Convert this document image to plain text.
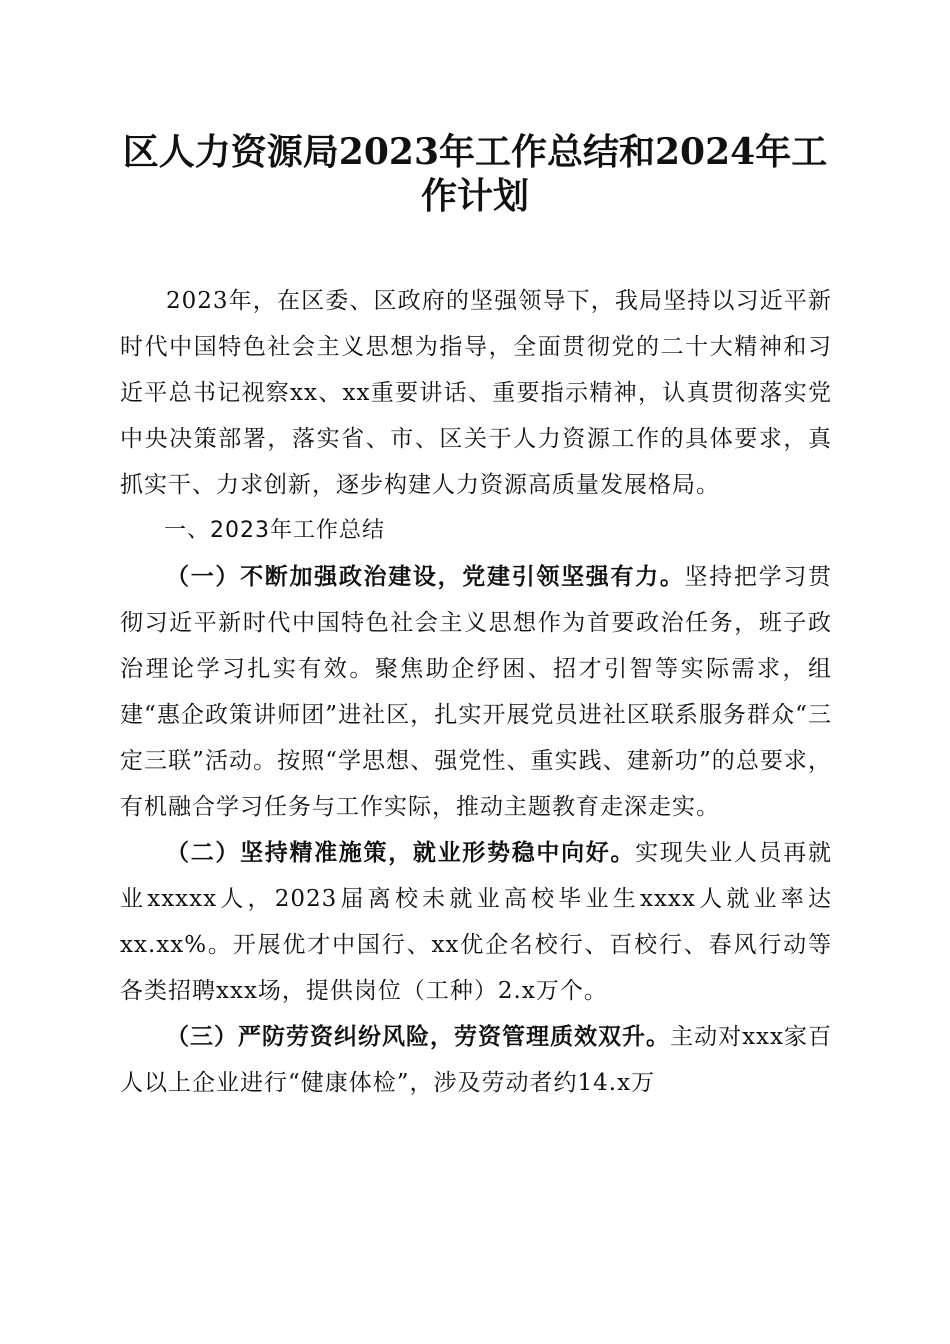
区人力资源局2023年工作总结和2024年工作计划

2023年，在区委、区政府的坚强领导下，我局坚持以习近平新时代中国特色社会主义思想为指导，全面贯彻党的二十大精神和习近平总书记视察xx、xx重要讲话、重要指示精神，认真贯彻落实党中央决策部署，落实省、市、区关于人力资源工作的具体要求，真抓实干、力求创新，逐步构建人力资源高质量发展格局。

一、2023年工作总结

（一）不断加强政治建设，党建引领坚强有力。坚持把学习贯彻习近平新时代中国特色社会主义思想作为首要政治任务，班子政治理论学习扎实有效。聚焦助企纾困、招才引智等实际需求，组建“惠企政策讲师团”进社区，扎实开展党员进社区联系服务群众“三定三联”活动。按照“学思想、强党性、重实践、建新功”的总要求，有机融合学习任务与工作实际，推动主题教育走深走实。

（二）坚持精准施策，就业形势稳中向好。实现失业人员再就业xxxxx人，2023届离校未就业高校毕业生xxxx人就业率达xx.xx%。开展优才中国行、xx优企名校行、百校行、春风行动等各类招聘xxx场，提供岗位（工种）2.x万个。

（三）严防劳资纠纷风险，劳资管理质效双升。主动对xxx家百人以上企业进行“健康体检”，涉及劳动者约14.x万
